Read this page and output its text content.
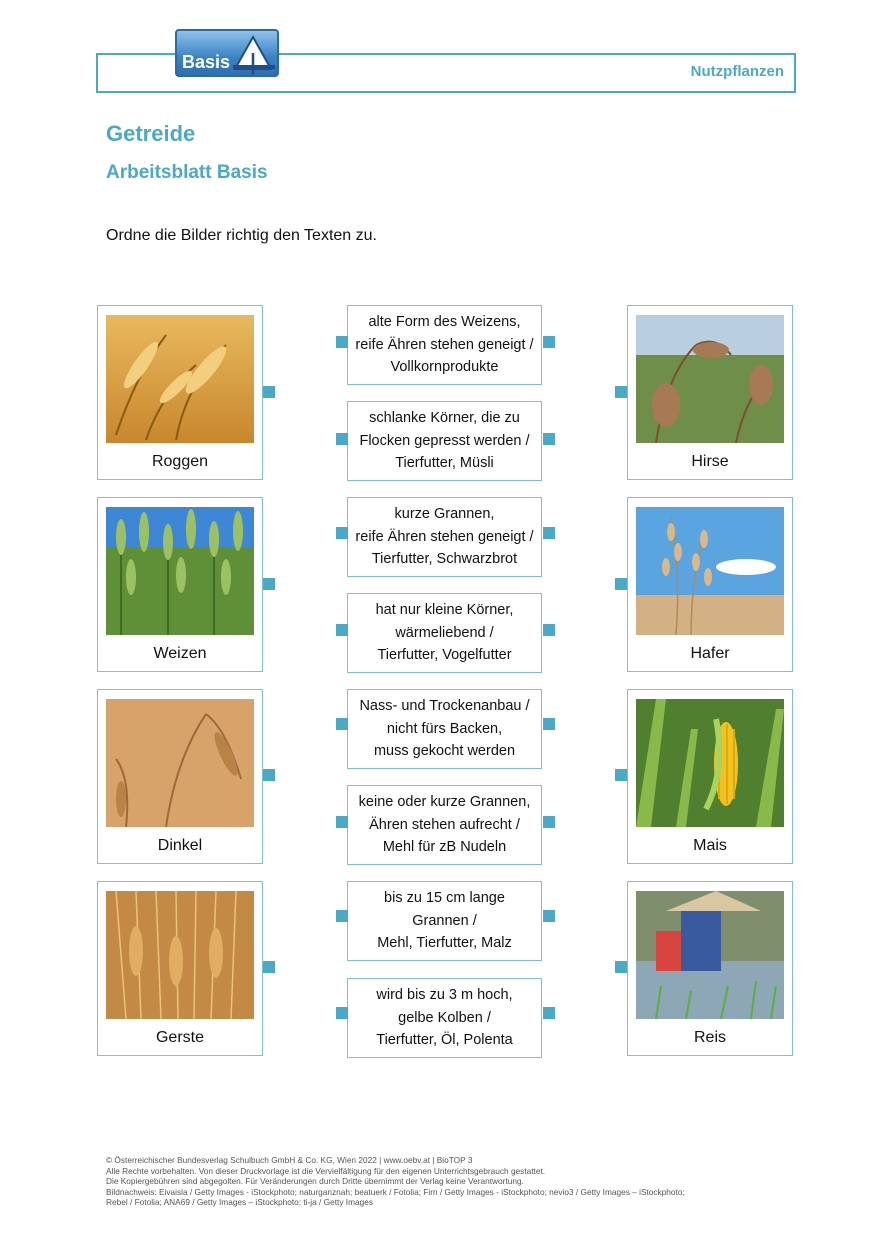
Basis	Nutzpflanzen
Getreide
Arbeitsblatt Basis
Ordne die Bilder richtig den Texten zu.
Roggen
Weizen
Dinkel
Gerste
Hirse
Hafer
Mais
Reis
alte Form des Weizens,
reife Ähren stehen geneigt /
Vollkornprodukte
schlanke Körner, die zu
Flocken gepresst werden /
Tierfutter, Müsli
kurze Grannen,
reife Ähren stehen geneigt /
Tierfutter, Schwarzbrot
hat nur kleine Körner,
wärmeliebend /
Tierfutter, Vogelfutter
Nass- und Trockenanbau /
nicht fürs Backen,
muss gekocht werden
keine oder kurze Grannen,
Ähren stehen aufrecht /
Mehl für zB Nudeln
bis zu 15 cm lange
Grannen /
Mehl, Tierfutter, Malz
wird bis zu 3 m hoch,
gelbe Kolben /
Tierfutter, Öl, Polenta
© Österreichischer Bundesverlag Schulbuch GmbH & Co. KG, Wien 2022 | www.oebv.at | BioTOP 3
Alle Rechte vorbehalten. Von dieser Druckvorlage ist die Vervielfältigung für den eigenen Unterrichtsgebrauch gestattet.
Die Kopiergebühren sind abgegolten. Für Veränderungen durch Dritte übernimmt der Verlag keine Verantwortung.
Bildnachweis: Eivaisla / Getty Images - iStockphoto; naturganznah; beatuerk / Fotolia; Firn / Getty Images - iStockphoto; nevio3 / Getty Images – iStockphoto;
Rebel / Fotolia; ANA69 / Getty Images – iStockphoto; ti-ja / Getty Images
